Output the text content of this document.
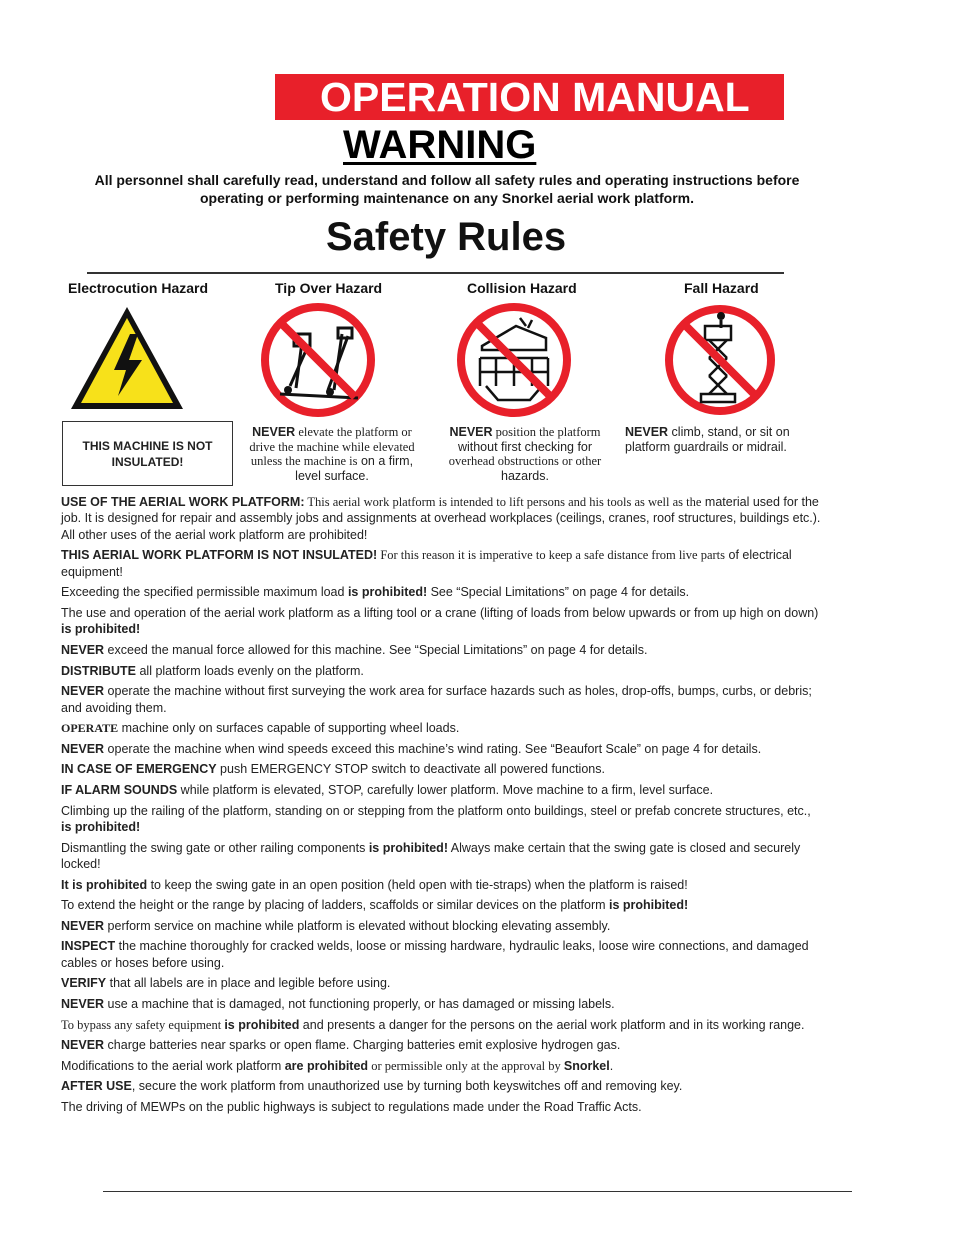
OPERATION MANUAL
WARNING
All personnel shall carefully read, understand and follow all safety rules and operating instructions before
operating or performing maintenance on any Snorkel aerial work platform.
Safety Rules
Electrocution Hazard	Tip Over Hazard	Collision Hazard	Fall Hazard
THIS MACHINE IS NOT INSULATED!
NEVER elevate the platform or drive the machine while elevated unless the machine is on a firm, level surface.
NEVER position the platform
without first checking for
overhead obstructions or other
hazards.
NEVER climb, stand, or sit on platform guardrails or midrail.

USE OF THE AERIAL WORK PLATFORM: This aerial work platform is intended to lift persons and his tools as well as the material used for the job. It is designed for repair and assembly jobs and assignments at overhead workplaces (ceilings, cranes, roof structures, buildings etc.). All other uses of the aerial work platform are prohibited!

THIS AERIAL WORK PLATFORM IS NOT INSULATED! For this reason it is imperative to keep a safe distance from live parts of electrical equipment!

Exceeding the specified permissible maximum load is prohibited! See “Special Limitations” on page 4 for details.

The use and operation of the aerial work platform as a lifting tool or a crane (lifting of loads from below upwards or from up high on down) is prohibited!

NEVER exceed the manual force allowed for this machine. See “Special Limitations” on page 4 for details.

DISTRIBUTE all platform loads evenly on the platform.

NEVER operate the machine without first surveying the work area for surface hazards such as holes, drop-offs, bumps, curbs, or debris; and avoiding them.

OPERATE machine only on surfaces capable of supporting wheel loads.

NEVER operate the machine when wind speeds exceed this machine’s wind rating. See “Beaufort Scale” on page 4 for details.

IN CASE OF EMERGENCY push EMERGENCY STOP switch to deactivate all powered functions.

IF ALARM SOUNDS while platform is elevated, STOP, carefully lower platform. Move machine to a firm, level surface.

Climbing up the railing of the platform, standing on or stepping from the platform onto buildings, steel or prefab concrete structures, etc., is prohibited!

Dismantling the swing gate or other railing components is prohibited! Always make certain that the swing gate is closed and securely locked!

It is prohibited to keep the swing gate in an open position (held open with tie-straps) when the platform is raised!

To extend the height or the range by placing of ladders, scaffolds or similar devices on the platform is prohibited!

NEVER perform service on machine while platform is elevated without blocking elevating assembly.

INSPECT the machine thoroughly for cracked welds, loose or missing hardware, hydraulic leaks, loose wire connections, and damaged cables or hoses before using.

VERIFY that all labels are in place and legible before using.

NEVER use a machine that is damaged, not functioning properly, or has damaged or missing labels.

To bypass any safety equipment is prohibited and presents a danger for the persons on the aerial work platform and in its working range.

NEVER charge batteries near sparks or open flame. Charging batteries emit explosive hydrogen gas.

Modifications to the aerial work platform are prohibited or permissible only at the approval by Snorkel.

AFTER USE, secure the work platform from unauthorized use by turning both keyswitches off and removing key.

The driving of MEWPs on the public highways is subject to regulations made under the Road Traffic Acts.
